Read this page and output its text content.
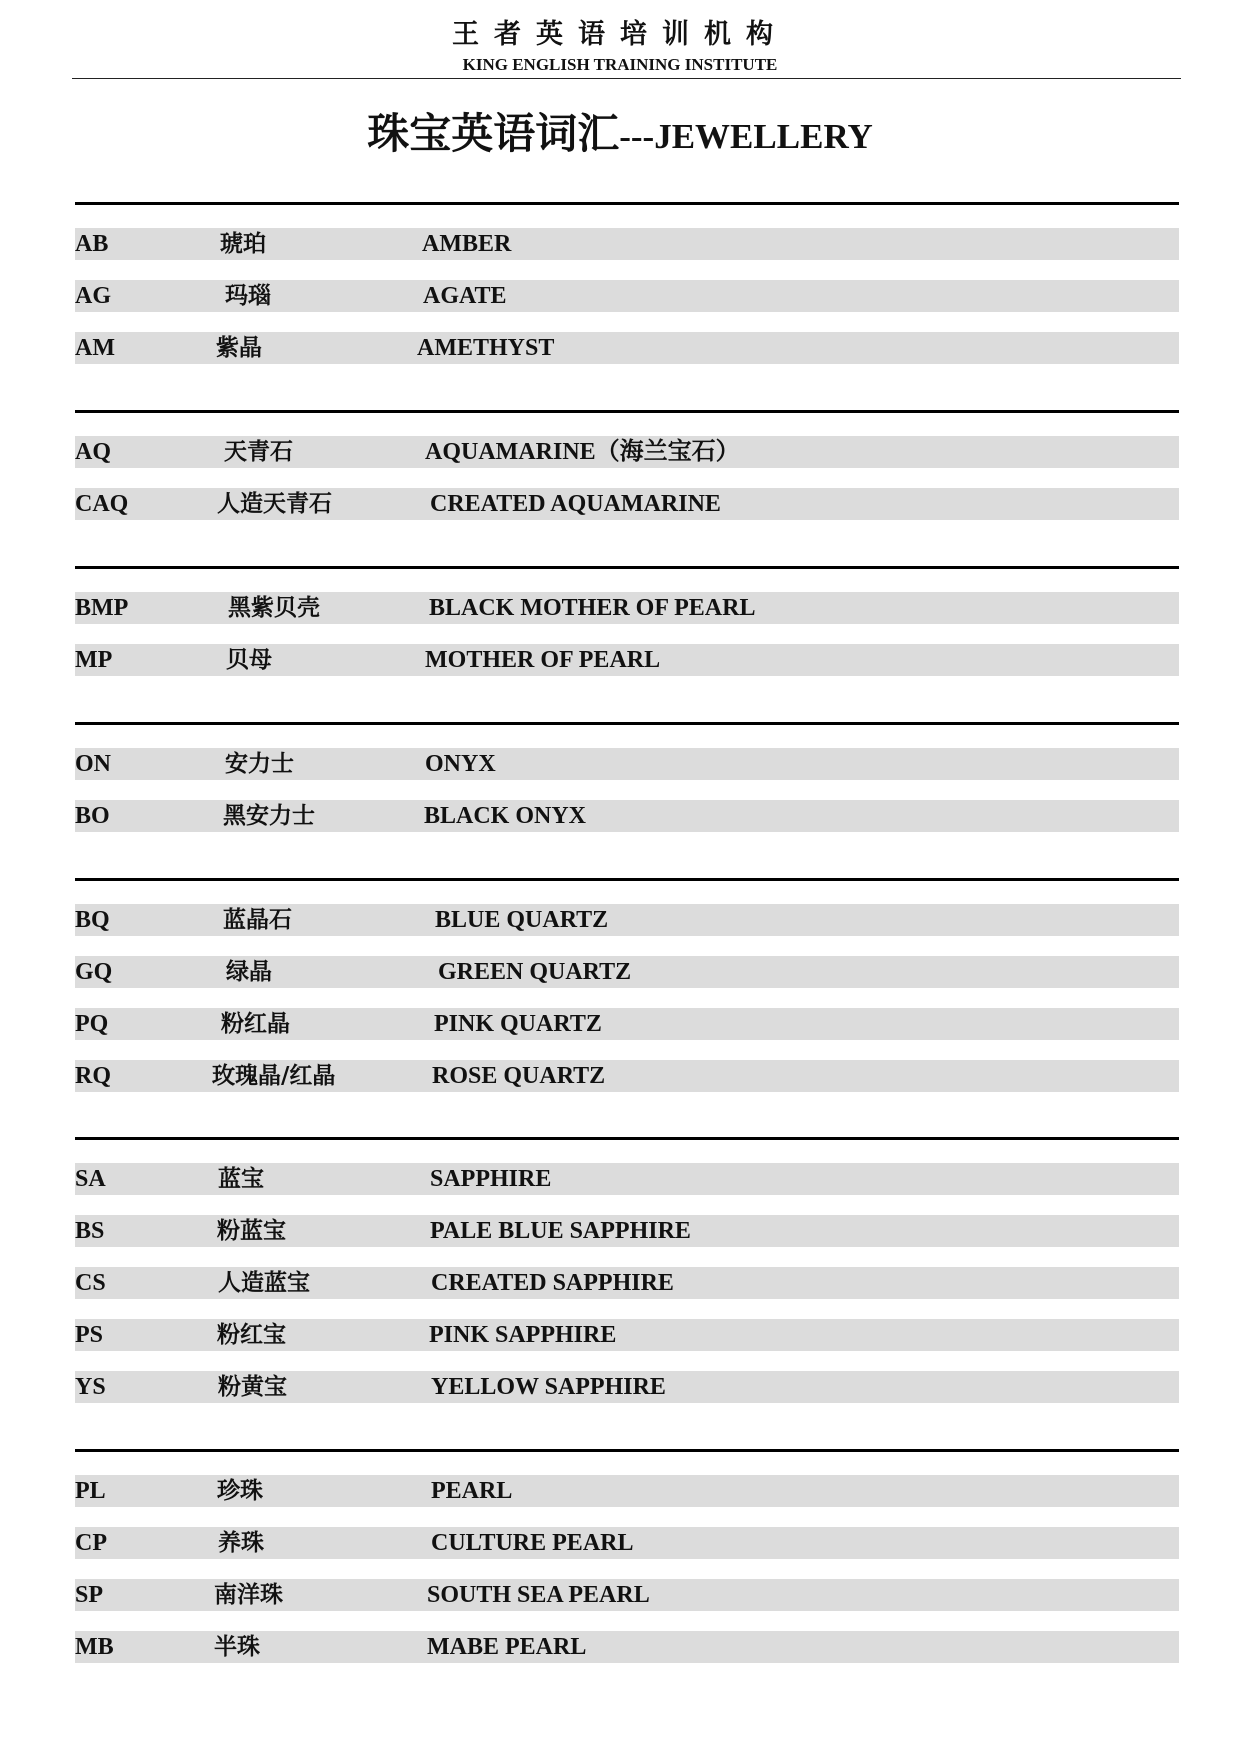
王者英语培训机构
KING ENGLISH TRAINING INSTITUTE
珠宝英语词汇---JEWELLERY
AB	琥珀	AMBER
AG	玛瑙	AGATE
AM	紫晶	AMETHYST
AQ	天青石	AQUAMARINE（海兰宝石）
CAQ	人造天青石	CREATED AQUAMARINE
BMP	黑紫贝壳	BLACK MOTHER OF PEARL
MP	贝母	MOTHER OF PEARL
ON	安力士	ONYX
BO	黑安力士	BLACK ONYX
BQ	蓝晶石	BLUE QUARTZ
GQ	绿晶	GREEN QUARTZ
PQ	粉红晶	PINK QUARTZ
RQ	玫瑰晶/红晶	ROSE QUARTZ
SA	蓝宝	SAPPHIRE
BS	粉蓝宝	PALE BLUE SAPPHIRE
CS	人造蓝宝	CREATED SAPPHIRE
PS	粉红宝	PINK SAPPHIRE
YS	粉黄宝	YELLOW SAPPHIRE
PL	珍珠	PEARL
CP	养珠	CULTURE PEARL
SP	南洋珠	SOUTH SEA PEARL
MB	半珠	MABE PEARL
